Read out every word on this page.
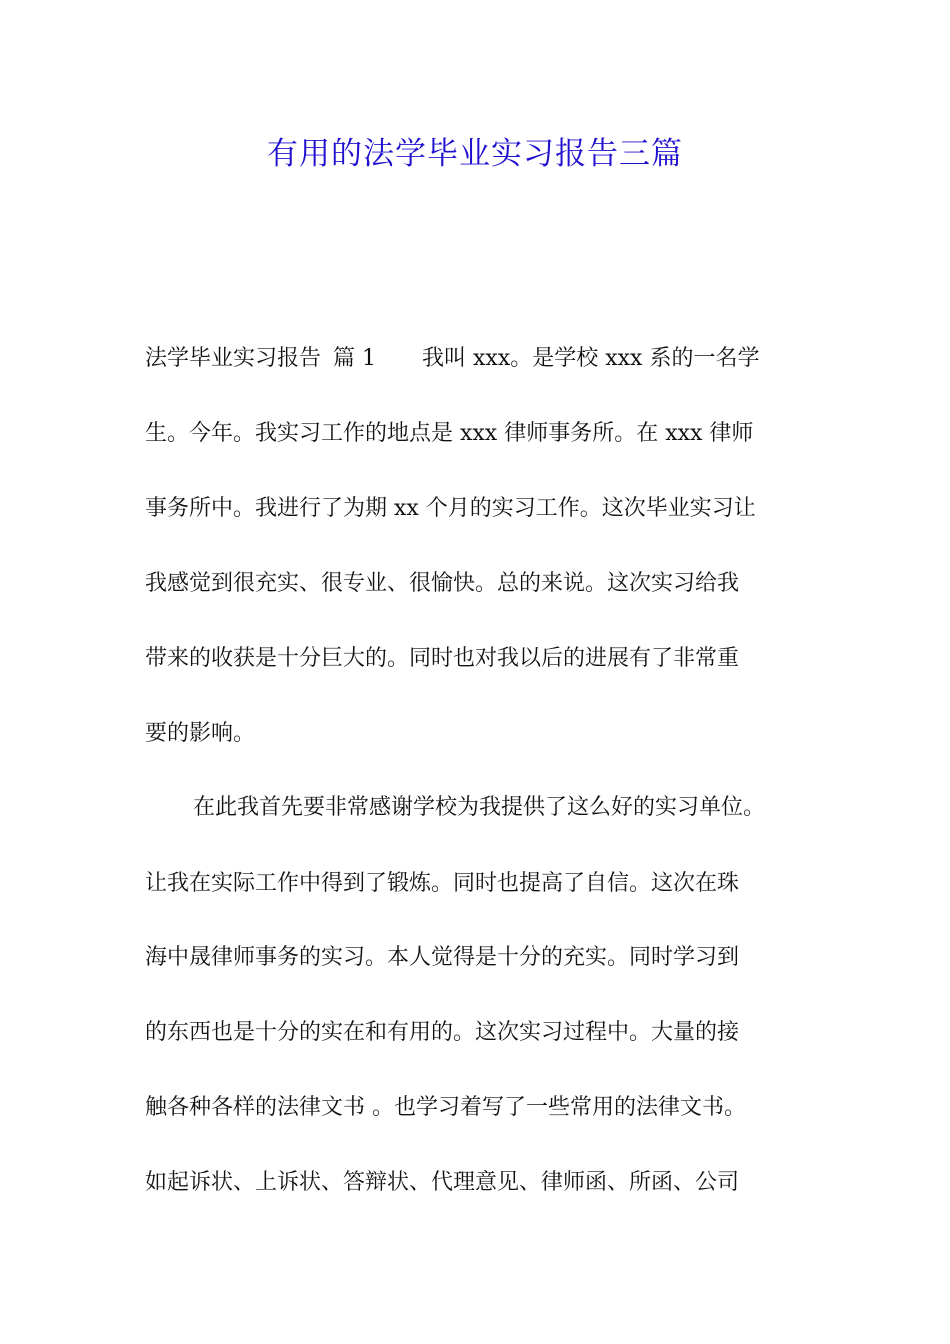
有用的法学毕业实习报告三篇
法学毕业实习报告 篇 1 我叫 xxx。是学校 xxx 系的一名学
生。今年。我实习工作的地点是 xxx 律师事务所。在 xxx 律师
事务所中。我进行了为期 xx 个月的实习工作。这次毕业实习让
我感觉到很充实、很专业、很愉快。总的来说。这次实习给我
带来的收获是十分巨大的。同时也对我以后的进展有了非常重
要的影响。
在此我首先要非常感谢学校为我提供了这么好的实习单位。
让我在实际工作中得到了锻炼。同时也提高了自信。这次在珠
海中晟律师事务的实习。本人觉得是十分的充实。同时学习到
的东西也是十分的实在和有用的。这次实习过程中。大量的接
触各种各样的法律文书 。也学习着写了一些常用的法律文书。
如起诉状、上诉状、答辩状、代理意见、律师函、所函、公司
